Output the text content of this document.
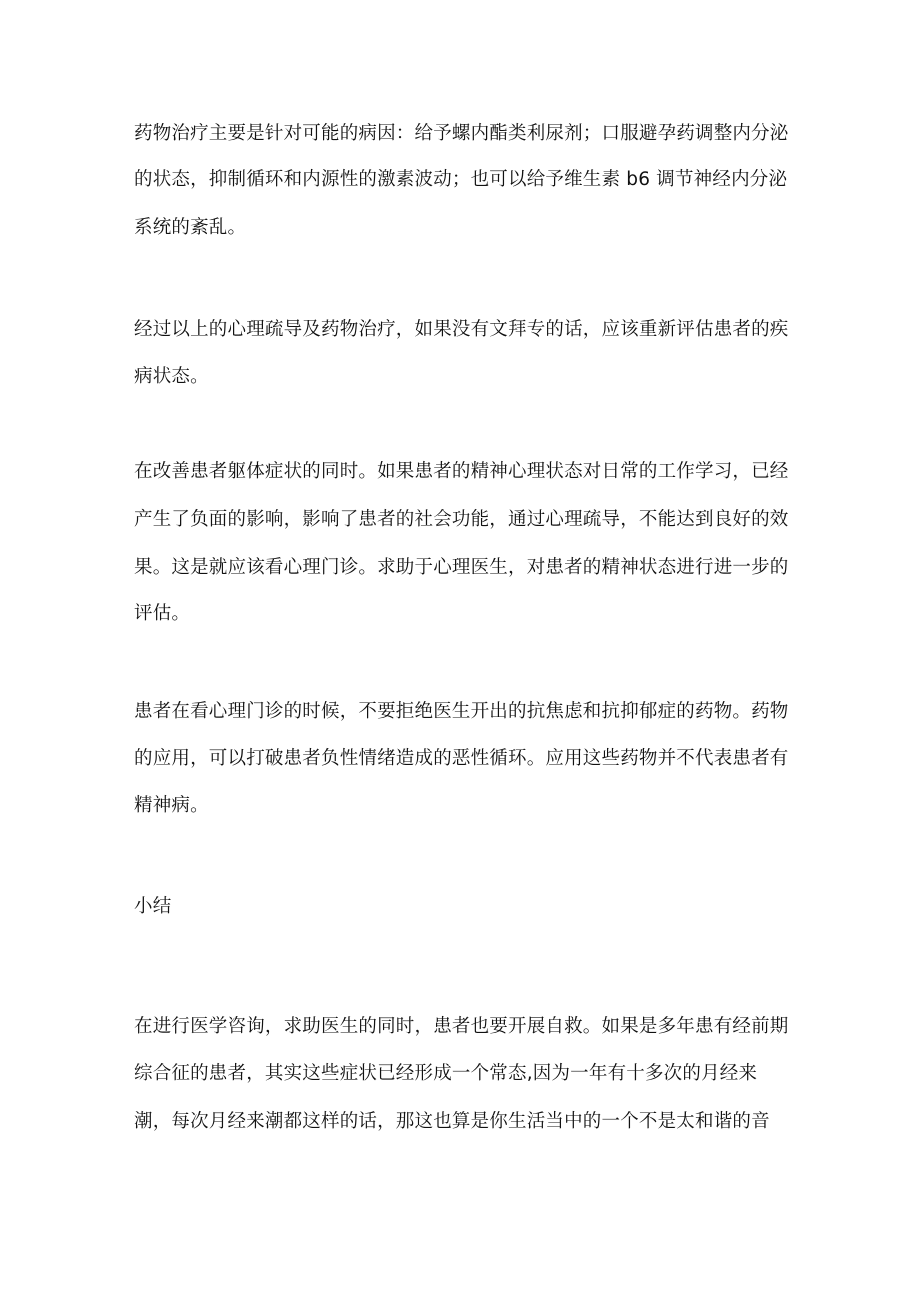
药物治疗主要是针对可能的病因：给予螺内酯类利尿剂；口服避孕药调整内分泌
的状态，抑制循环和内源性的激素波动；也可以给予维生素 b6 调节神经内分泌
系统的紊乱。
经过以上的心理疏导及药物治疗，如果没有文拜专的话，应该重新评估患者的疾
病状态。
在改善患者躯体症状的同时。如果患者的精神心理状态对日常的工作学习，已经
产生了负面的影响，影响了患者的社会功能，通过心理疏导，不能达到良好的效
果。这是就应该看心理门诊。求助于心理医生，对患者的精神状态进行进一步的
评估。
患者在看心理门诊的时候，不要拒绝医生开出的抗焦虑和抗抑郁症的药物。药物
的应用，可以打破患者负性情绪造成的恶性循环。应用这些药物并不代表患者有
精神病。
小结
在进行医学咨询，求助医生的同时，患者也要开展自救。如果是多年患有经前期
综合征的患者，其实这些症状已经形成一个常态,因为一年有十多次的月经来
潮，每次月经来潮都这样的话，那这也算是你生活当中的一个不是太和谐的音
